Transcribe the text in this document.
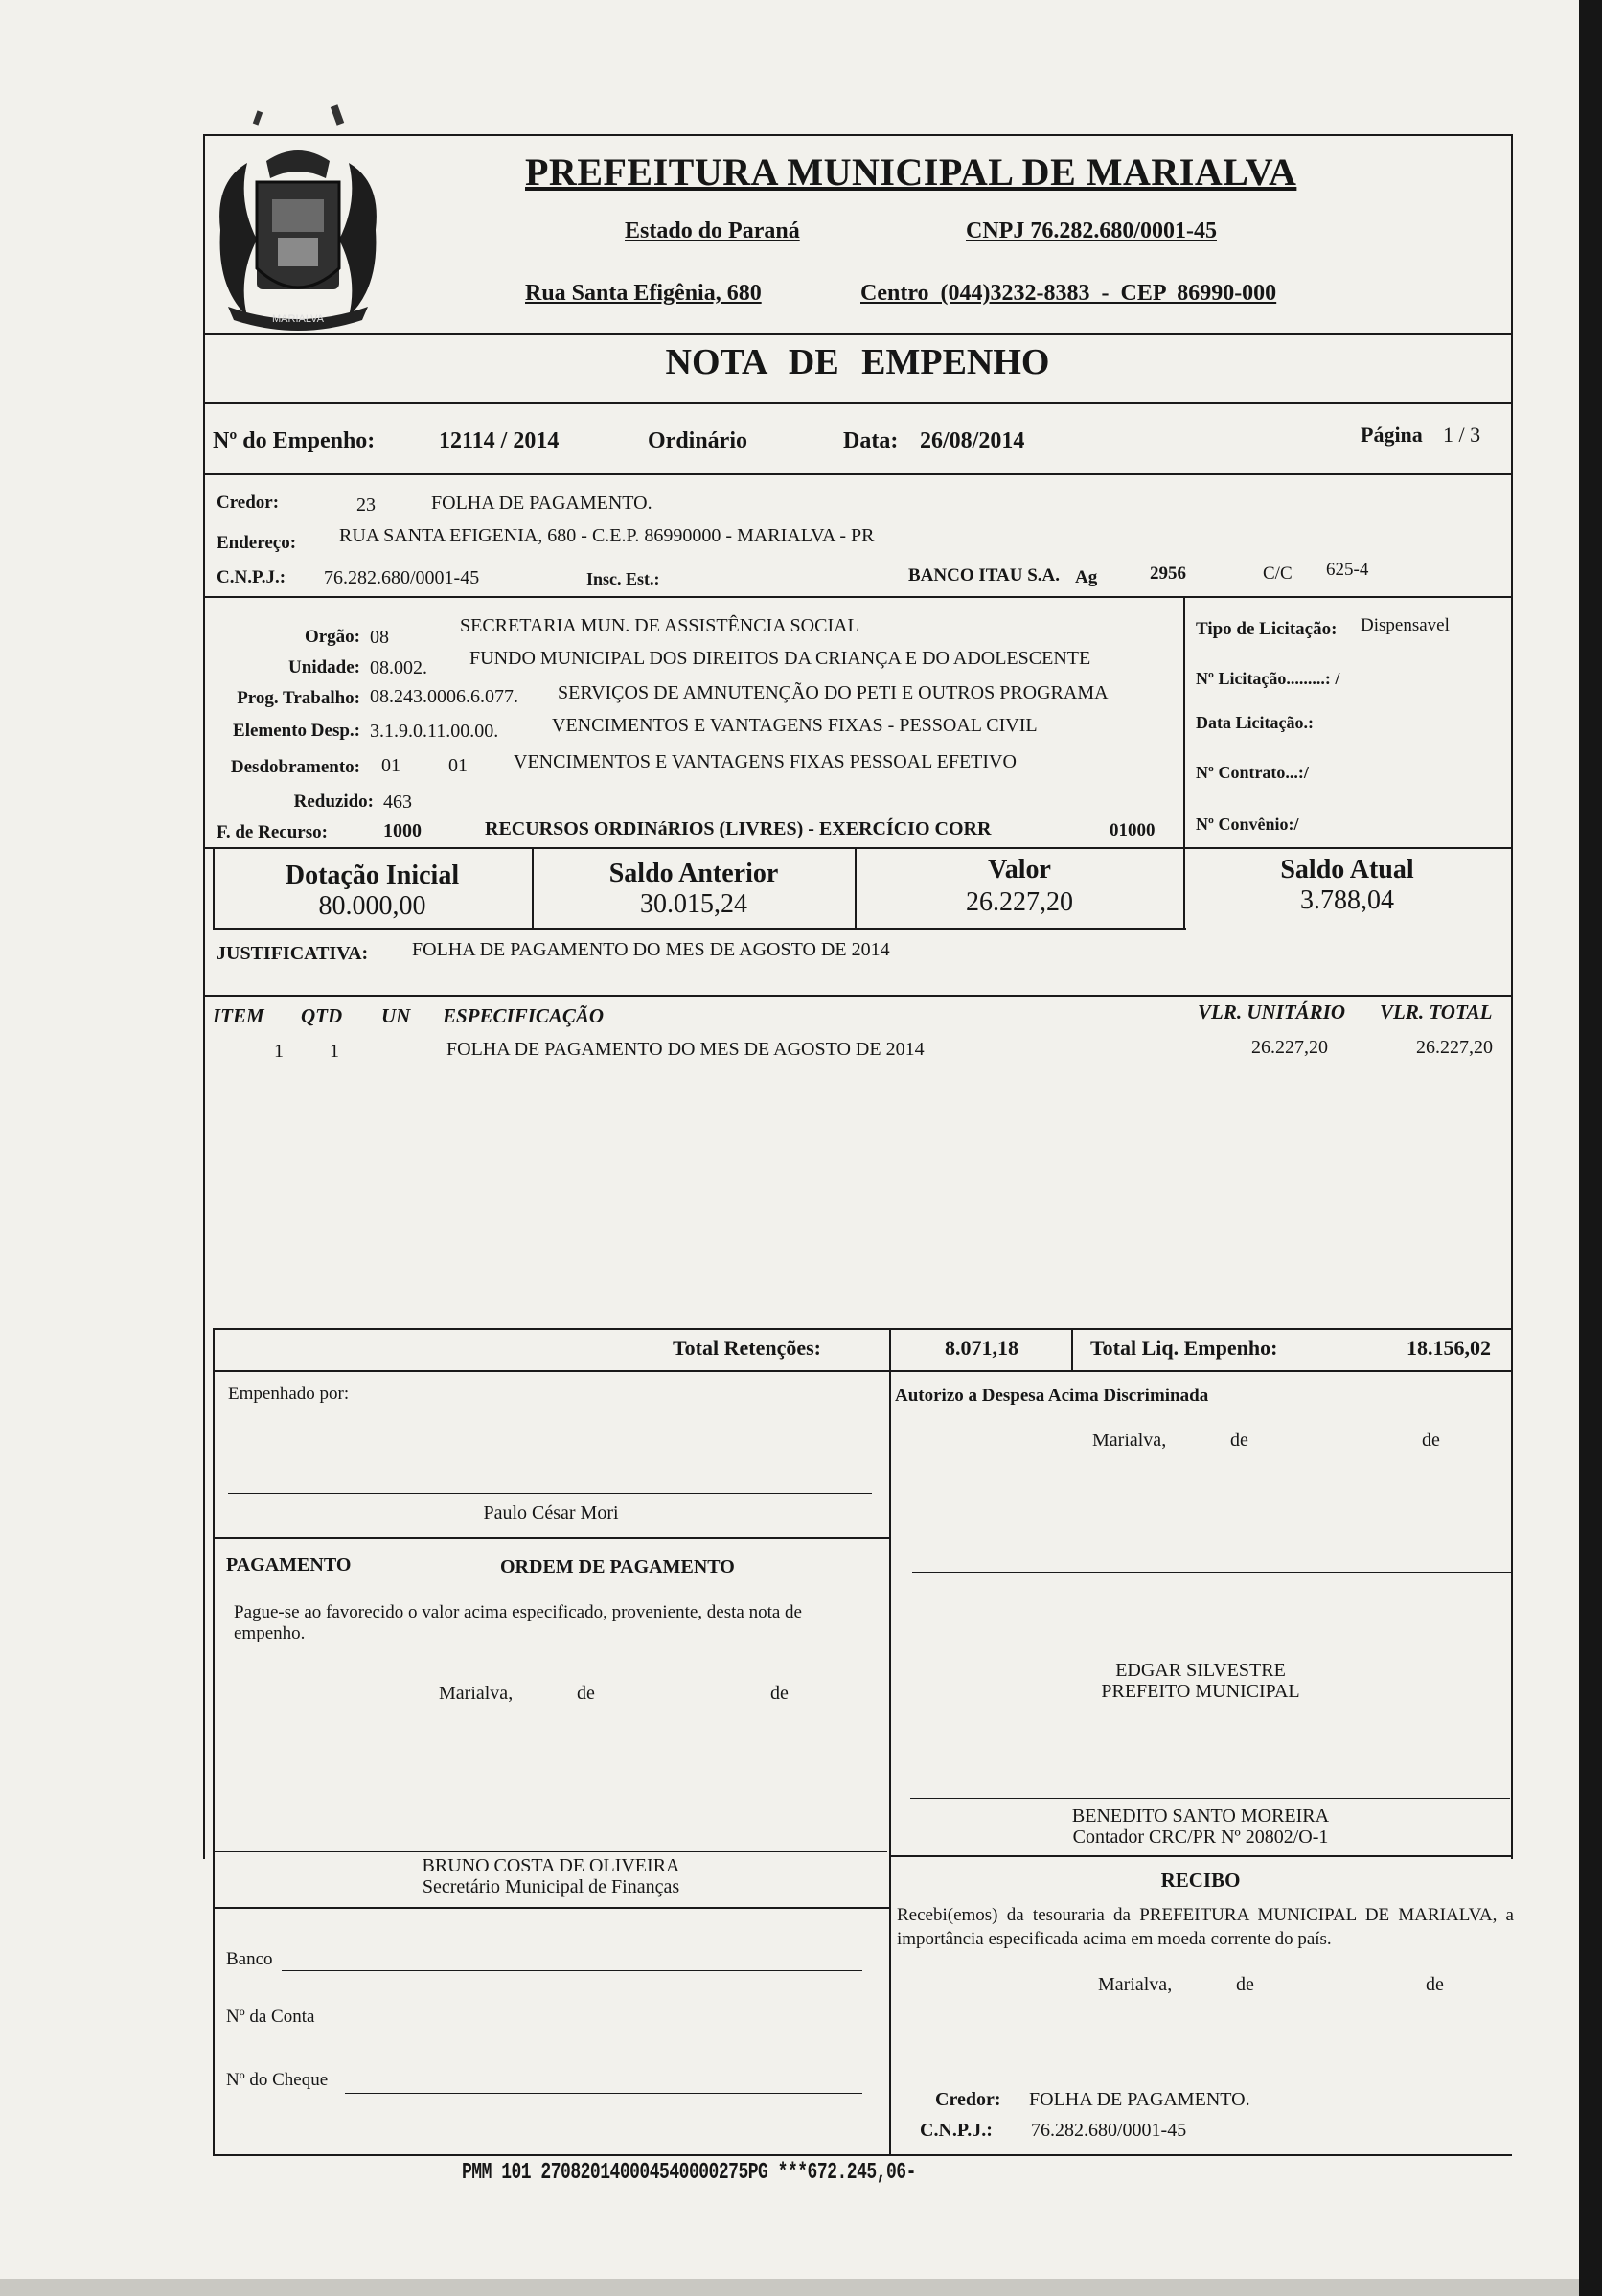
MARIALVA
PREFEITURA MUNICIPAL DE MARIALVA
Estado do Paraná	CNPJ 76.282.680/0001-45
Rua Santa Efigênia, 680	Centro (044)3232-8383 - CEP 86990-000
NOTA DE EMPENHO
Nº do Empenho:	12114 / 2014	Ordinário	Data: 26/08/2014	Página 1 / 3
Credor:	23	FOLHA DE PAGAMENTO.
Endereço: RUA SANTA EFIGENIA, 680 - C.E.P. 86990000 - MARIALVA - PR
C.N.P.J.: 76.282.680/0001-45	Insc. Est.:	BANCO ITAU S.A. Ag	2956	C/C 625-4
Orgão: 08
SECRETARIA MUN. DE ASSISTÊNCIA SOCIAL
Unidade: 08.002. FUNDO MUNICIPAL DOS DIREITOS DA CRIANÇA E DO ADOLESCENTE
Prog. Trabalho: 08.243.0006.6.077. SERVIÇOS DE AMNUTENÇÃO DO PETI E OUTROS PROGRAMA
Elemento Desp.: 3.1.9.0.11.00.00.	VENCIMENTOS E VANTAGENS FIXAS - PESSOAL CIVIL
Desdobramento: 01	01 VENCIMENTOS E VANTAGENS FIXAS PESSOAL EFETIVO
Reduzido: 463
F. de Recurso:	1000	RECURSOS ORDINáRIOS (LIVRES) - EXERCÍCIO CORR	01000
Tipo de Licitação: Dispensavel
Nº Licitação.........: /
Data Licitação.:
Nº Contrato...:/
Nº Convênio:/
Dotação Inicial
80.000,00
Saldo Anterior
30.015,24
Valor
26.227,20
Saldo Atual
3.788,04
JUSTIFICATIVA: FOLHA DE PAGAMENTO DO MES DE AGOSTO DE 2014
ITEM QTD UN ESPECIFICAÇÃO	VLR. UNITÁRIO VLR. TOTAL
1 1	FOLHA DE PAGAMENTO DO MES DE AGOSTO DE 2014	26.227,20	26.227,20
Total Retenções:	8.071,18	Total Liq. Empenho:	18.156,02
Empenhado por:
Paulo César Mori
Autorizo a Despesa Acima Discriminada
Marialva,	de	de
PAGAMENTO	ORDEM DE PAGAMENTO
Pague-se ao favorecido o valor acima especificado, proveniente, desta nota de empenho.
Marialva,	de	de
EDGAR SILVESTRE
PREFEITO MUNICIPAL
BENEDITO SANTO MOREIRA
Contador CRC/PR Nº 20802/O-1
RECIBO
Recebi(emos) da tesouraria da PREFEITURA MUNICIPAL DE MARIALVA, a importância especificada acima em moeda corrente do país.
Marialva,	de	de
BRUNO COSTA DE OLIVEIRA
Secretário Municipal de Finanças
Banco
Nº da Conta
Nº do Cheque
Credor: FOLHA DE PAGAMENTO.
C.N.P.J.: 76.282.680/0001-45
PMM 101 270820140004540000275PG ***672.245,06-
